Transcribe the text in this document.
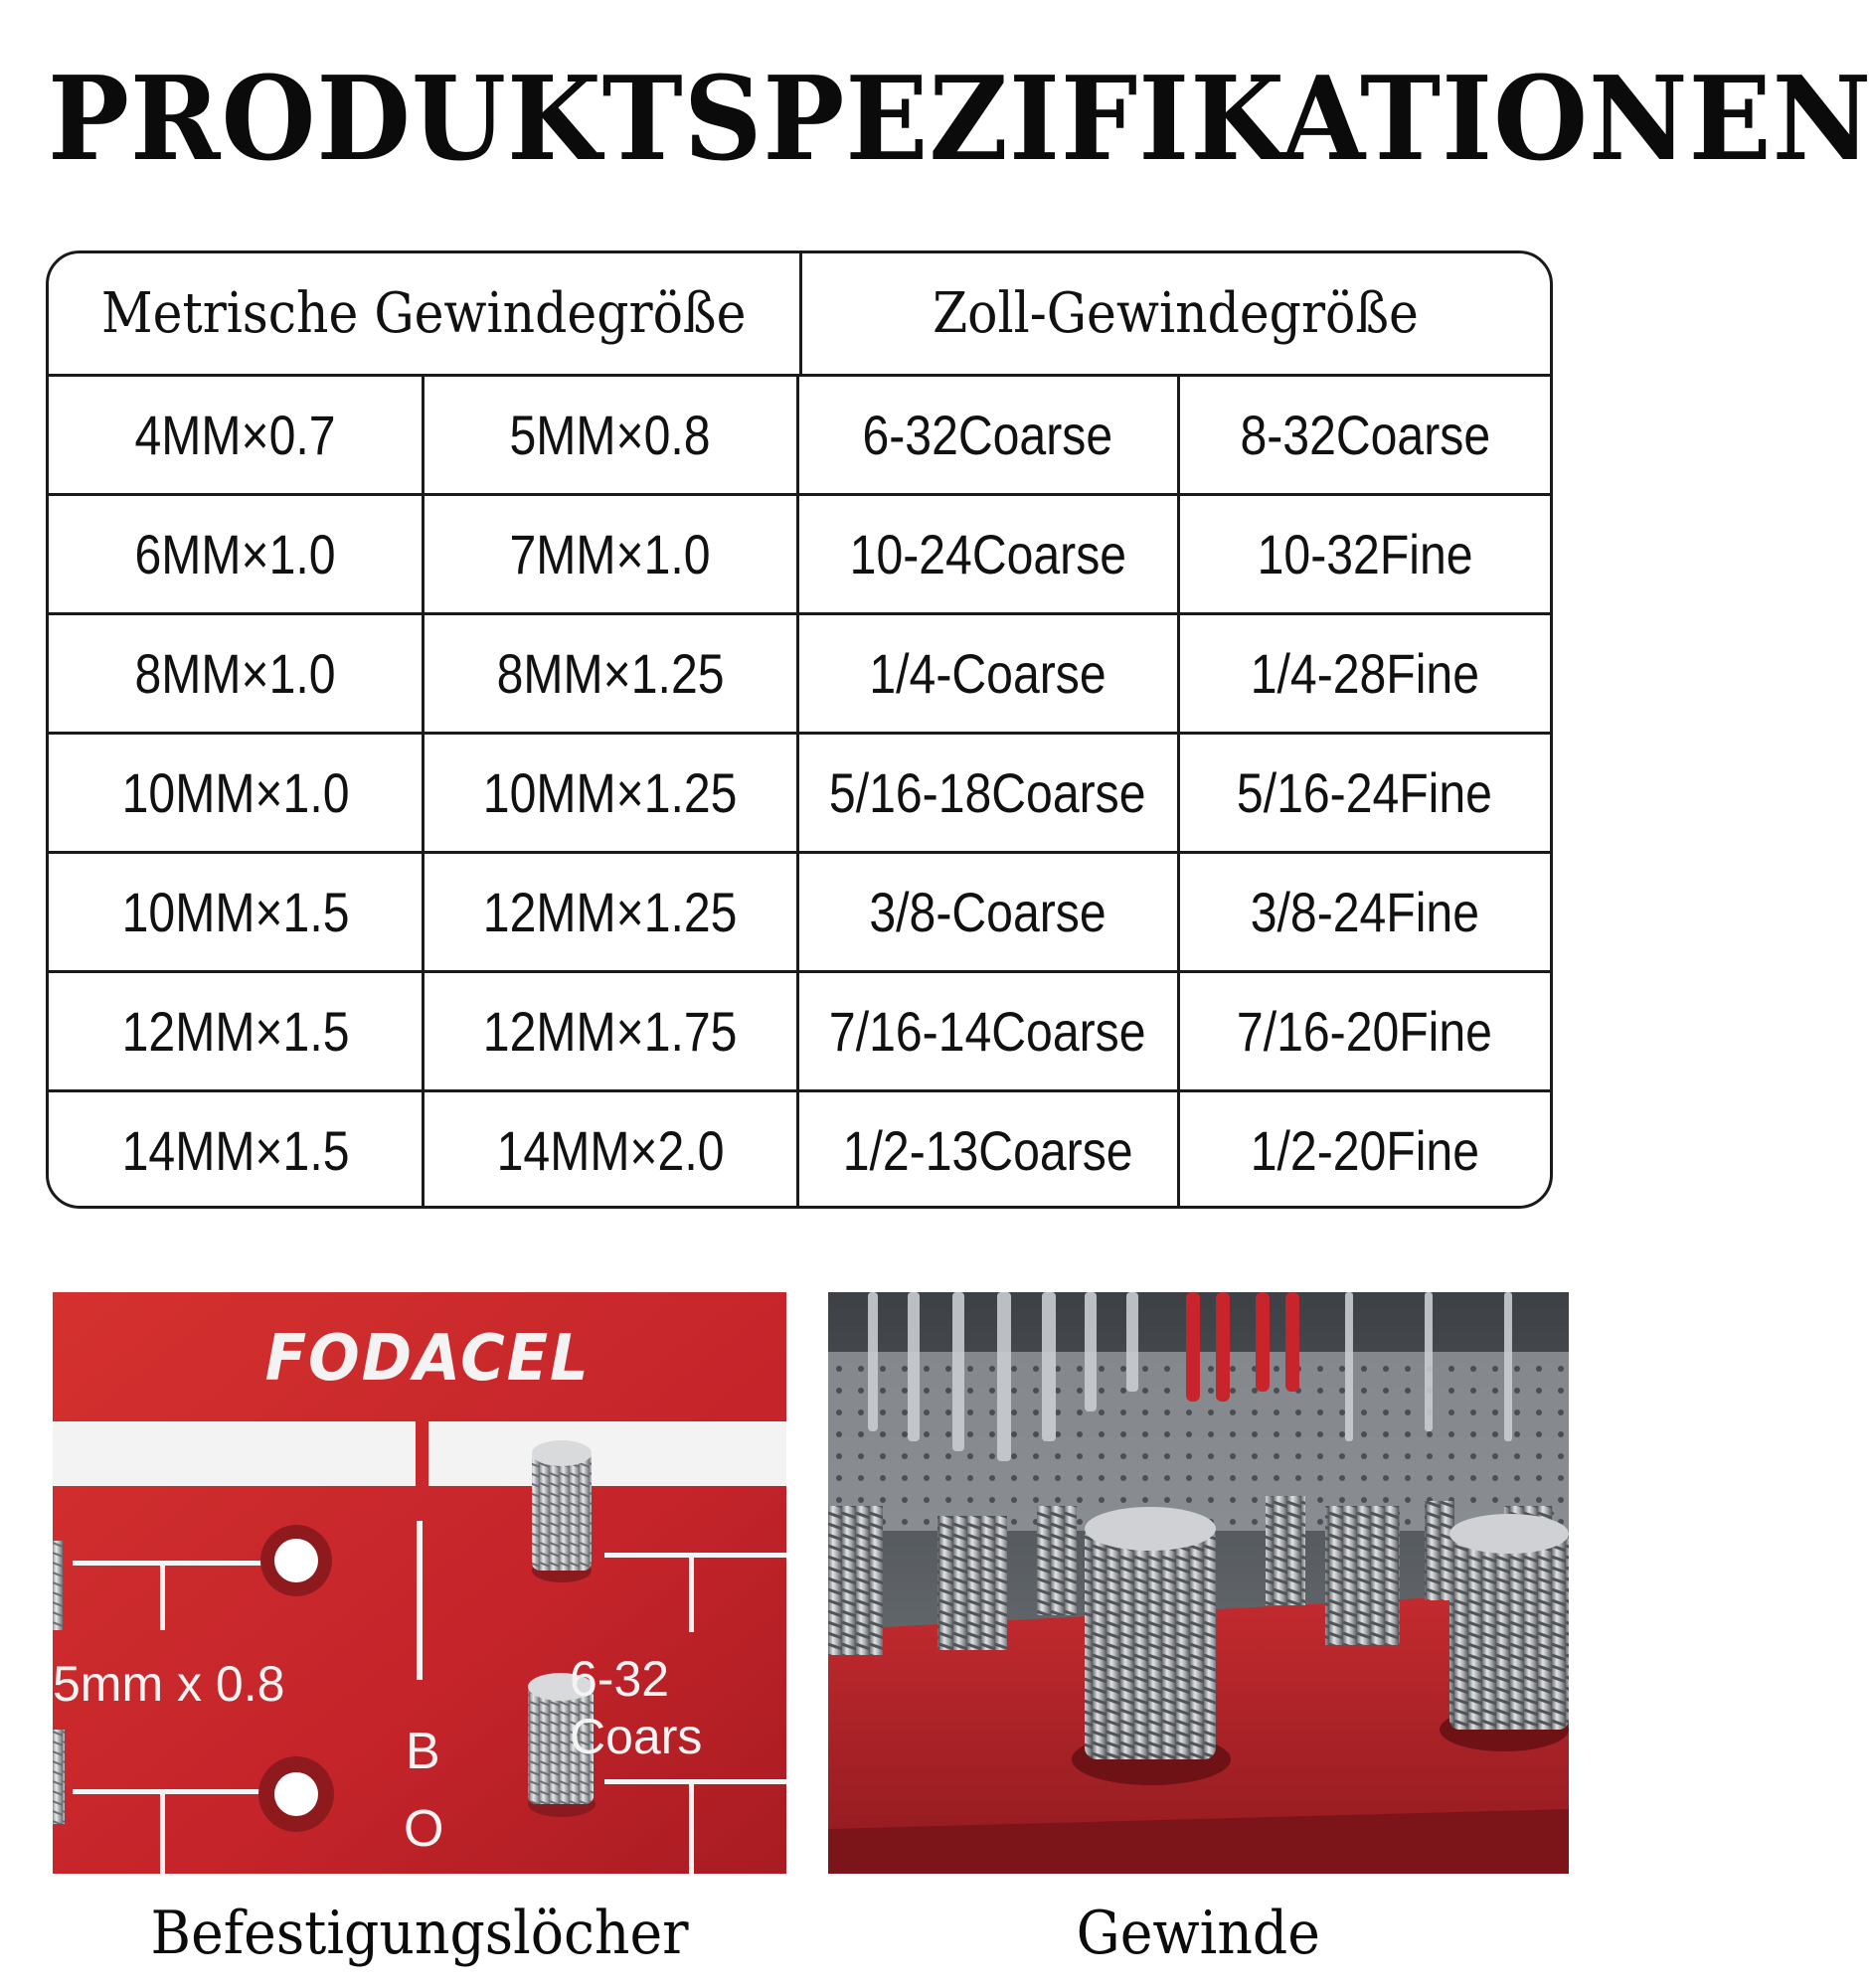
PRODUKTSPEZIFIKATIONEN
Metrische Gewindegröße	Zoll-Gewindegröße
4MM×0.7	5MM×0.8	6-32Coarse 8-32Coarse
6MM×1.0	7MM×1.0 10-24Coarse 10-32Fine
8MM×1.0	8MM×1.25	1/4-Coarse	1/4-28Fine
10MM×1.0 10MM×1.25 5/16-18Coarse 5/16-24Fine
10MM×1.5 12MM×1.25 3/8-Coarse	3/8-24Fine
12MM×1.5 12MM×1.75 7/16-14Coarse 7/16-20Fine
14MM×1.5	14MM×2.0 1/2-13Coarse 1/2-20Fine
FODACEL
5mm x 0.8	6-32 Coars
B
O
Befestigungslöcher	Gewinde
